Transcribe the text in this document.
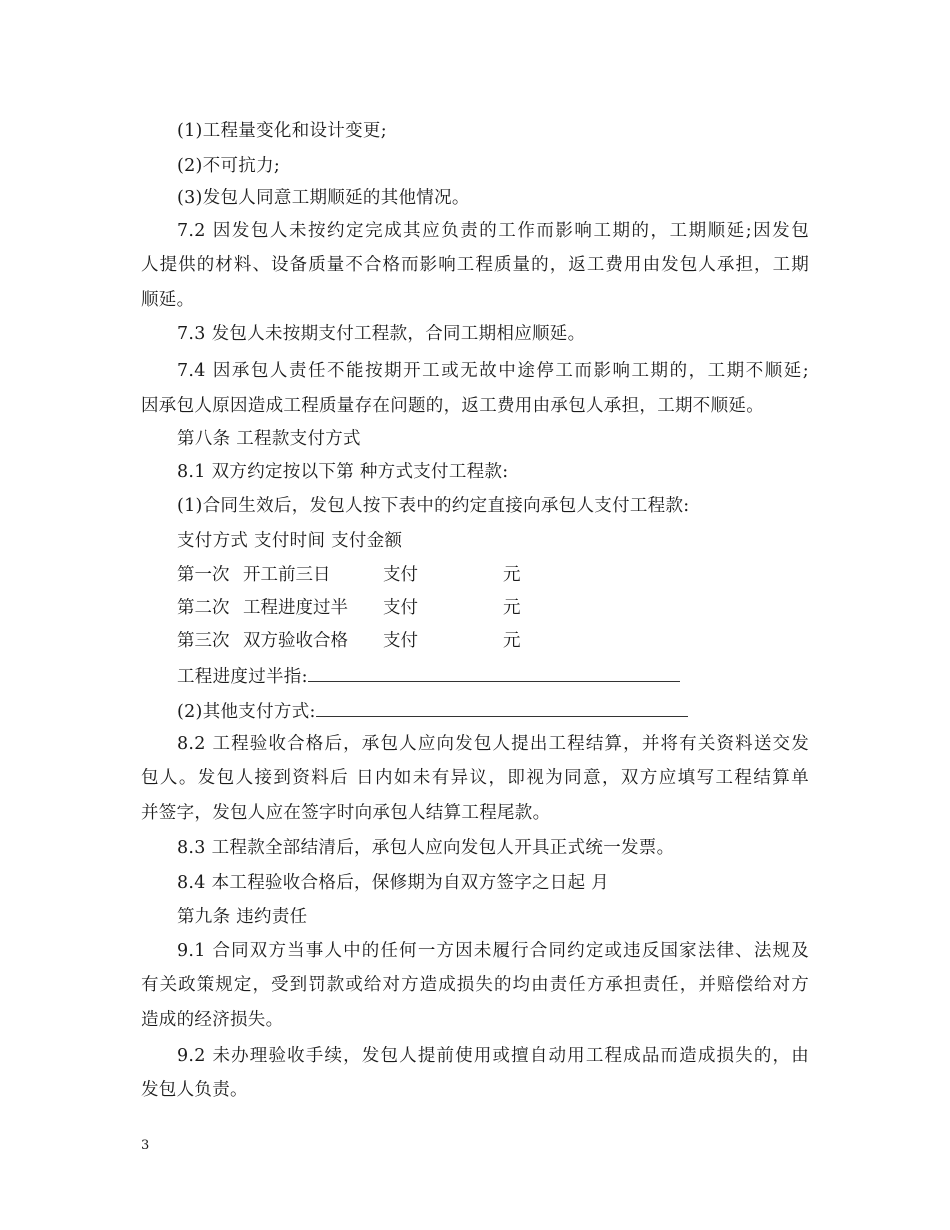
(1)工程量变化和设计变更;
(2)不可抗力;
(3)发包人同意工期顺延的其他情况。
7.2 因发包人未按约定完成其应负责的工作而影响工期的，工期顺延;因发包
人提供的材料、设备质量不合格而影响工程质量的，返工费用由发包人承担，工期
顺延。
7.3 发包人未按期支付工程款，合同工期相应顺延。
7.4 因承包人责任不能按期开工或无故中途停工而影响工期的，工期不顺延;
因承包人原因造成工程质量存在问题的，返工费用由承包人承担，工期不顺延。
第八条 工程款支付方式
8.1 双方约定按以下第 种方式支付工程款:
(1)合同生效后，发包人按下表中的约定直接向承包人支付工程款:
支付方式 支付时间 支付金额
第一次 开工前三日	支付	元
第二次 工程进度过半 支付	元
第三次 双方验收合格 支付	元
工程进度过半指:
(2)其他支付方式:
8.2 工程验收合格后，承包人应向发包人提出工程结算，并将有关资料送交发
包人。发包人接到资料后 日内如未有异议，即视为同意，双方应填写工程结算单
并签字，发包人应在签字时向承包人结算工程尾款。
8.3 工程款全部结清后，承包人应向发包人开具正式统一发票。
8.4 本工程验收合格后，保修期为自双方签字之日起 月
第九条 违约责任
9.1 合同双方当事人中的任何一方因未履行合同约定或违反国家法律、法规及
有关政策规定，受到罚款或给对方造成损失的均由责任方承担责任，并赔偿给对方
造成的经济损失。
9.2 未办理验收手续，发包人提前使用或擅自动用工程成品而造成损失的，由
发包人负责。
3
